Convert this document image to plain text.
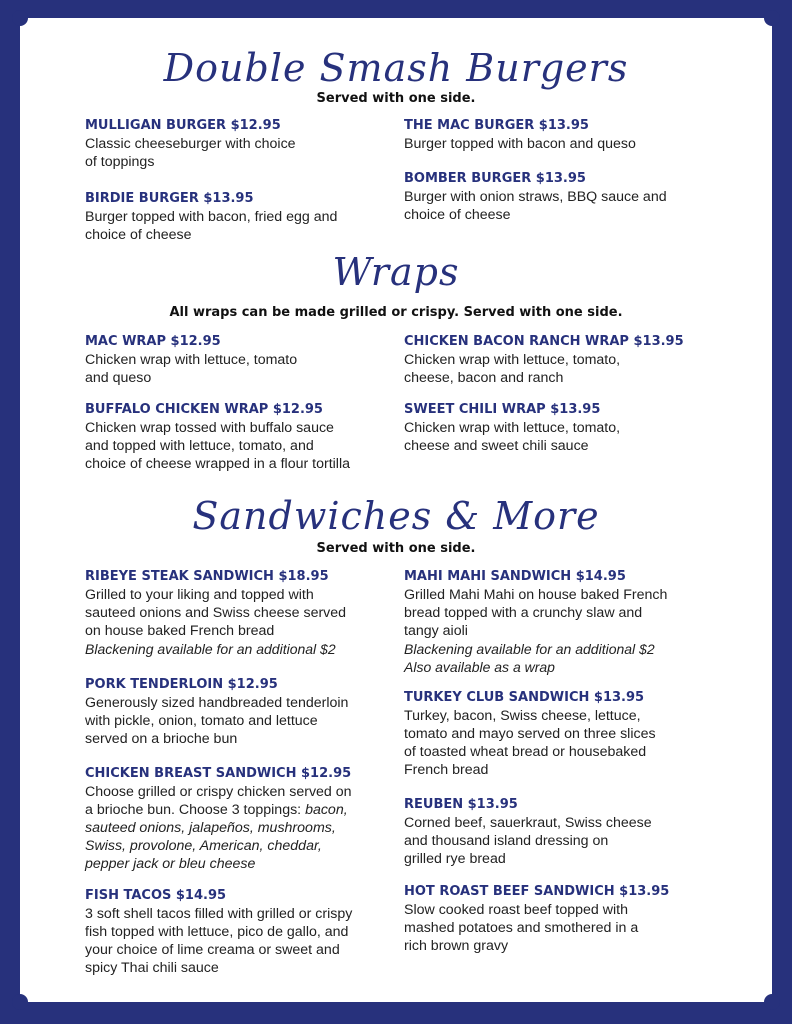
Double Smash Burgers
Served with one side.
MULLIGAN BURGER $12.95
Classic cheeseburger with choice
of toppings
BIRDIE BURGER $13.95
Burger topped with bacon, fried egg and
choice of cheese
THE MAC BURGER $13.95
Burger topped with bacon and queso
BOMBER BURGER $13.95
Burger with onion straws, BBQ sauce and
choice of cheese
Wraps
All wraps can be made grilled or crispy. Served with one side.
MAC WRAP $12.95
Chicken wrap with lettuce, tomato
and queso
BUFFALO CHICKEN WRAP $12.95
Chicken wrap tossed with buffalo sauce
and topped with lettuce, tomato, and
choice of cheese wrapped in a flour tortilla
CHICKEN BACON RANCH WRAP $13.95
Chicken wrap with lettuce, tomato,
cheese, bacon and ranch
SWEET CHILI WRAP $13.95
Chicken wrap with lettuce, tomato,
cheese and sweet chili sauce
Sandwiches & More
Served with one side.
RIBEYE STEAK SANDWICH $18.95
Grilled to your liking and topped with
sauteed onions and Swiss cheese served
on house baked French bread
Blackening available for an additional $2
PORK TENDERLOIN $12.95
Generously sized handbreaded tenderloin
with pickle, onion, tomato and lettuce
served on a brioche bun
CHICKEN BREAST SANDWICH $12.95
Choose grilled or crispy chicken served on
a brioche bun. Choose 3 toppings: bacon,
sauteed onions, jalapeños, mushrooms,
Swiss, provolone, American, cheddar,
pepper jack or bleu cheese
FISH TACOS $14.95
3 soft shell tacos filled with grilled or crispy
fish topped with lettuce, pico de gallo, and
your choice of lime creama or sweet and
spicy Thai chili sauce
MAHI MAHI SANDWICH $14.95
Grilled Mahi Mahi on house baked French
bread topped with a crunchy slaw and
tangy aioli
Blackening available for an additional $2
Also available as a wrap
TURKEY CLUB SANDWICH $13.95
Turkey, bacon, Swiss cheese, lettuce,
tomato and mayo served on three slices
of toasted wheat bread or housebaked
French bread
REUBEN $13.95
Corned beef, sauerkraut, Swiss cheese
and thousand island dressing on
grilled rye bread
HOT ROAST BEEF SANDWICH $13.95
Slow cooked roast beef topped with
mashed potatoes and smothered in a
rich brown gravy
